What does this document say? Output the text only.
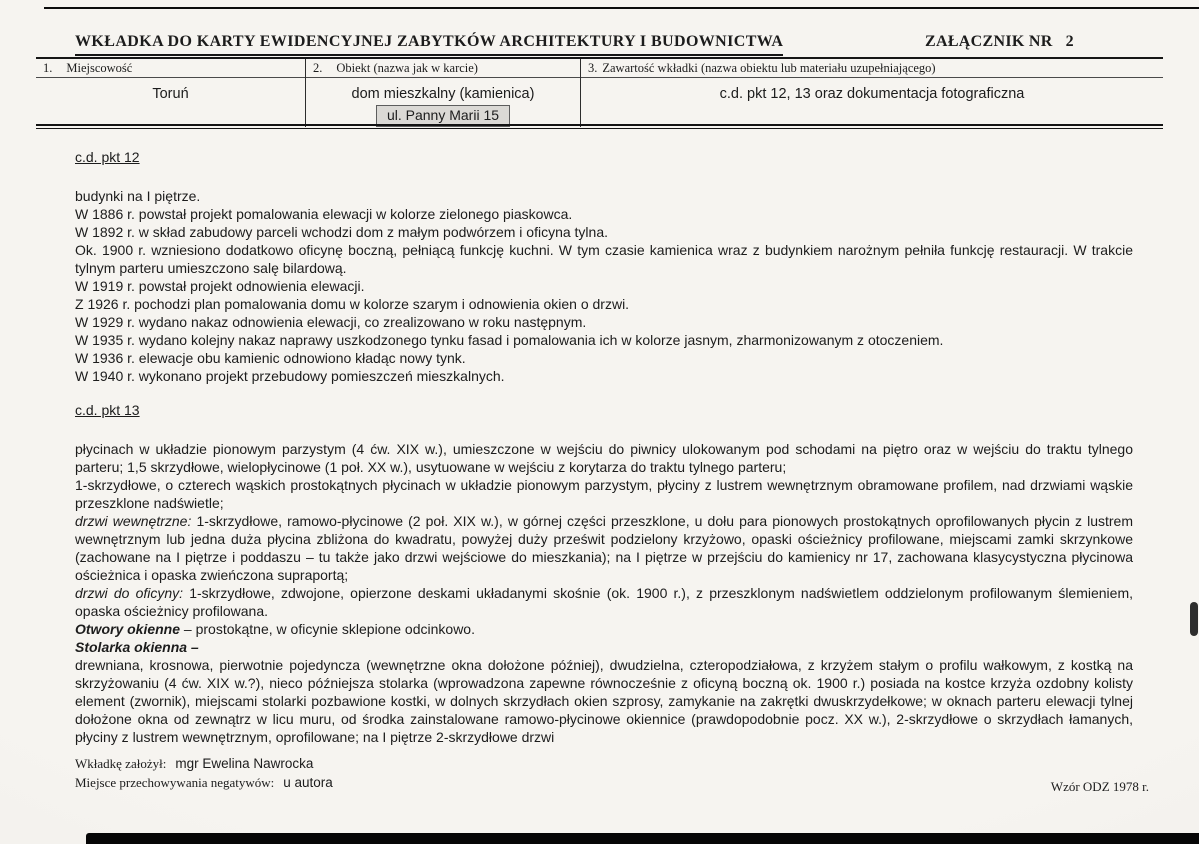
WKŁADKA DO KARTY EWIDENCYJNEJ ZABYTKÓW ARCHITEKTURY I BUDOWNICTWA	ZAŁĄCZNIK NR 2
1. Miejscowość
Toruń
2. Obiekt (nazwa jak w karcie)
dom mieszkalny (kamienica)
ul. Panny Marii 15
3. Zawartość wkładki (nazwa obiektu lub materiału uzupełniającego)
c.d. pkt 12, 13 oraz dokumentacja fotograficzna
c.d. pkt 12
budynki na I piętrze.
W 1886 r. powstał projekt pomalowania elewacji w kolorze zielonego piaskowca.
W 1892 r. w skład zabudowy parceli wchodzi dom z małym podwórzem i oficyna tylna.
Ok. 1900 r. wzniesiono dodatkowo oficynę boczną, pełniącą funkcję kuchni. W tym czasie kamienica wraz z budynkiem narożnym pełniła funkcję restauracji. W trakcie tylnym parteru umieszczono salę bilardową.
W 1919 r. powstał projekt odnowienia elewacji.
Z 1926 r. pochodzi plan pomalowania domu w kolorze szarym i odnowienia okien o drzwi.
W 1929 r. wydano nakaz odnowienia elewacji, co zrealizowano w roku następnym.
W 1935 r. wydano kolejny nakaz naprawy uszkodzonego tynku fasad i pomalowania ich w kolorze jasnym, zharmonizowanym z otoczeniem.
W 1936 r. elewacje obu kamienic odnowiono kładąc nowy tynk.
W 1940 r. wykonano projekt przebudowy pomieszczeń mieszkalnych.
c.d. pkt 13
płycinach w układzie pionowym parzystym (4 ćw. XIX w.), umieszczone w wejściu do piwnicy ulokowanym pod schodami na piętro oraz w wejściu do traktu tylnego parteru; 1,5 skrzydłowe, wielopłycinowe (1 poł. XX w.), usytuowane w wejściu z korytarza do traktu tylnego parteru;
1-skrzydłowe, o czterech wąskich prostokątnych płycinach w układzie pionowym parzystym, płyciny z lustrem wewnętrznym obramowane profilem, nad drzwiami wąskie przeszklone nadświetle;
drzwi wewnętrzne: 1-skrzydłowe, ramowo-płycinowe (2 poł. XIX w.), w górnej części przeszklone, u dołu para pionowych prostokątnych oprofilowanych płycin z lustrem wewnętrznym lub jedna duża płycina zbliżona do kwadratu, powyżej duży prześwit podzielony krzyżowo, opaski ościeżnicy profilowane, miejscami zamki skrzynkowe (zachowane na I piętrze i poddaszu – tu także jako drzwi wejściowe do mieszkania); na I piętrze w przejściu do kamienicy nr 17, zachowana klasycystyczna płycinowa ościeżnica i opaska zwieńczona supraportą;
drzwi do oficyny: 1-skrzydłowe, zdwojone, opierzone deskami układanymi skośnie (ok. 1900 r.), z przeszklonym nadświetlem oddzielonym profilowanym ślemieniem, opaska ościeżnicy profilowana.
Otwory okienne – prostokątne, w oficynie sklepione odcinkowo.
Stolarka okienna –
drewniana, krosnowa, pierwotnie pojedyncza (wewnętrzne okna dołożone później), dwudzielna, czteropodziałowa, z krzyżem stałym o profilu wałkowym, z kostką na skrzyżowaniu (4 ćw. XIX w.?), nieco późniejsza stolarka (wprowadzona zapewne równocześnie z oficyną boczną ok. 1900 r.) posiada na kostce krzyża ozdobny kolisty element (zwornik), miejscami stolarki pozbawione kostki, w dolnych skrzydłach okien szprosy, zamykanie na zakrętki dwuskrzydełkowe; w oknach parteru elewacji tylnej dołożone okna od zewnątrz w licu muru, od środka zainstalowane ramowo-płycinowe okiennice (prawdopodobnie pocz. XX w.), 2-skrzydłowe o skrzydłach łamanych, płyciny z lustrem wewnętrznym, oprofilowane; na I piętrze 2-skrzydłowe drzwi
Wkładkę założył: mgr Ewelina Nawrocka
Miejsce przechowywania negatywów: u autora	Wzór ODZ 1978 r.
